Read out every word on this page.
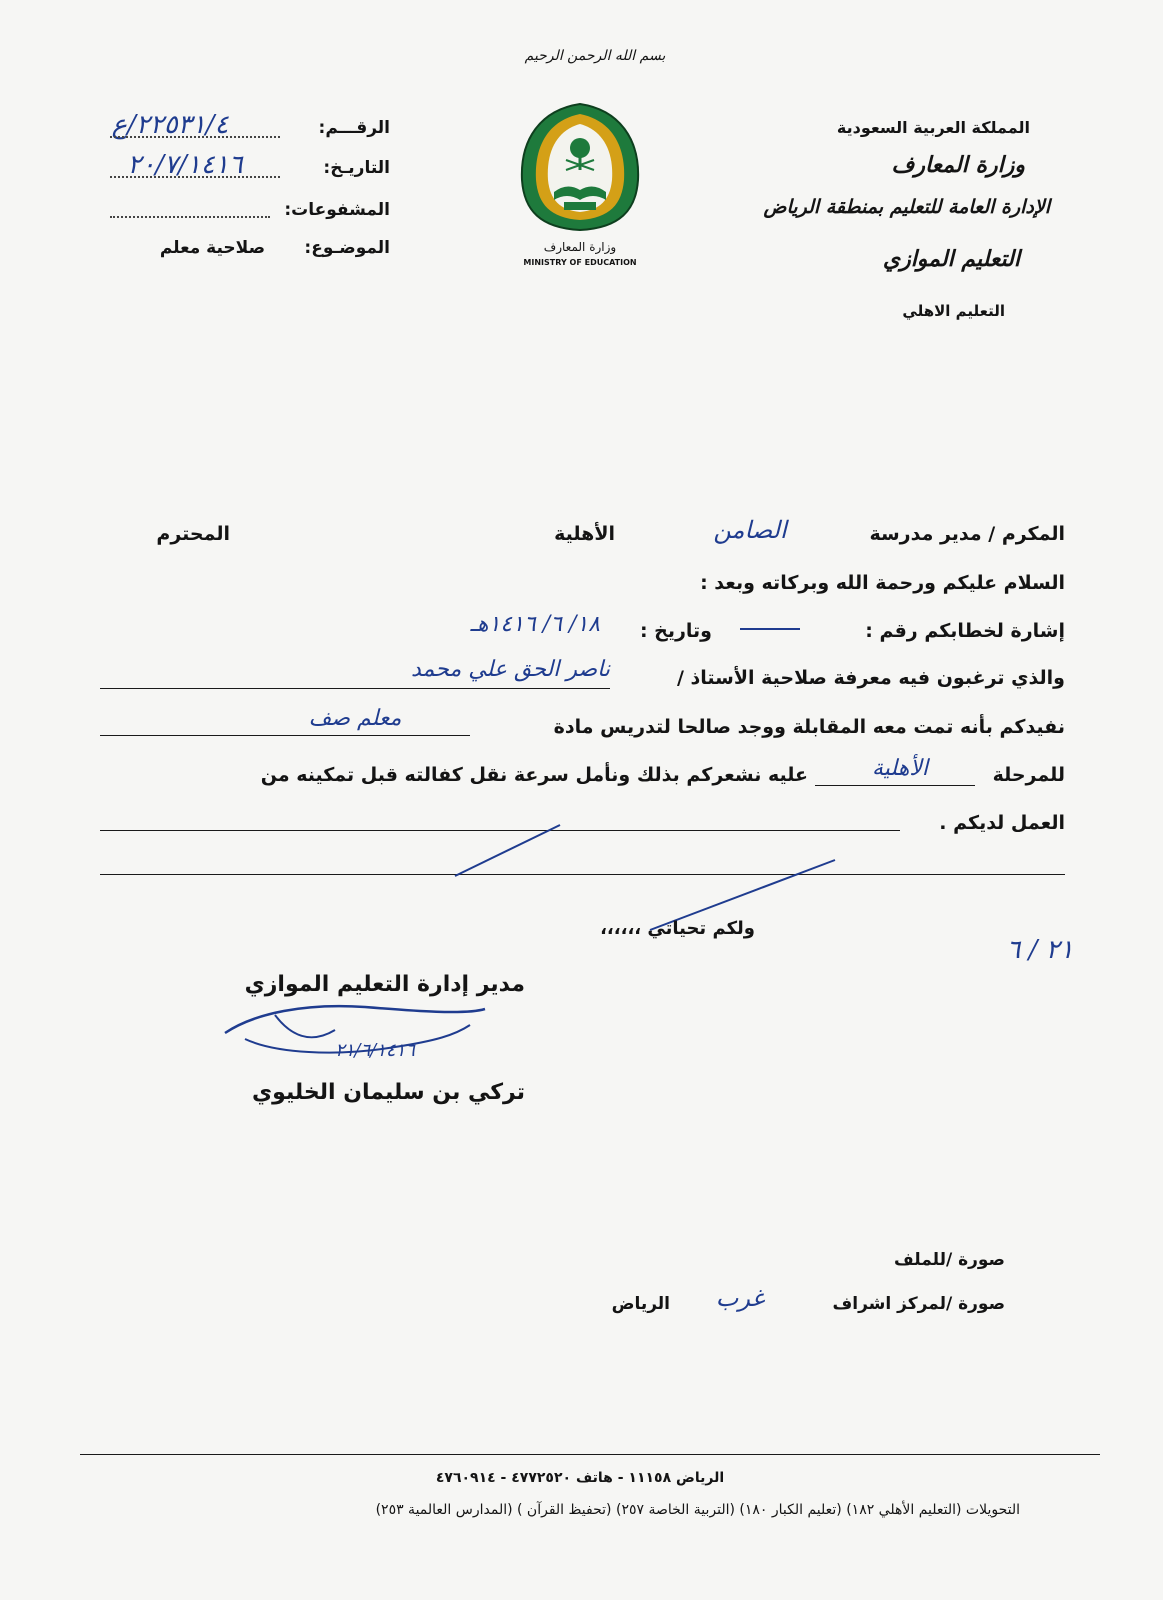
بسم الله الرحمن الرحيم
المملكة العربية السعودية
وزارة المعارف
الإدارة العامة للتعليم بمنطقة الرياض
التعليم الموازي
التعليم الاهلي
وزارة المعارف
MINISTRY OF EDUCATION
الرقـــم:
٢٢٥٣١/٤/ع
التاريـخ:
٢٠/٧/١٤١٦
المشفوعات:
الموضـوع:
صلاحية معلم
المكرم / مدير مدرسة
الصامن
الأهلية
المحترم
السلام عليكم ورحمة الله وبركاته وبعد :
إشارة لخطابكم رقم :
وتاريخ :
١٨/ ٦/ ١٤١٦هـ
والذي ترغبون فيه معرفة صلاحية الأستاذ /
ناصر الحق علي محمد
نفيدكم بأنه تمت معه المقابلة ووجد صالحا لتدريس مادة
معلم صف
للمرحلة
الأهلية
عليه نشعركم بذلك ونأمل سرعة نقل كفالته قبل تمكينه من
العمل لديكم .
ولكم تحياتي ،،،،،،
٢١ / ٦
مدير إدارة التعليم الموازي
٢١/٦/١٤١٦
تركي بن سليمان الخليوي
صورة /للملف
صورة /لمركز اشراف
غرب
الرياض
الرياض ١١١٥٨ - هاتف ٤٧٧٢٥٢٠ - ٤٧٦٠٩١٤
التحويلات (التعليم الأهلي ١٨٢) (تعليم الكبار ١٨٠) (التربية الخاصة ٢٥٧) (تحفيظ القرآن ) (المدارس العالمية ٢٥٣)
